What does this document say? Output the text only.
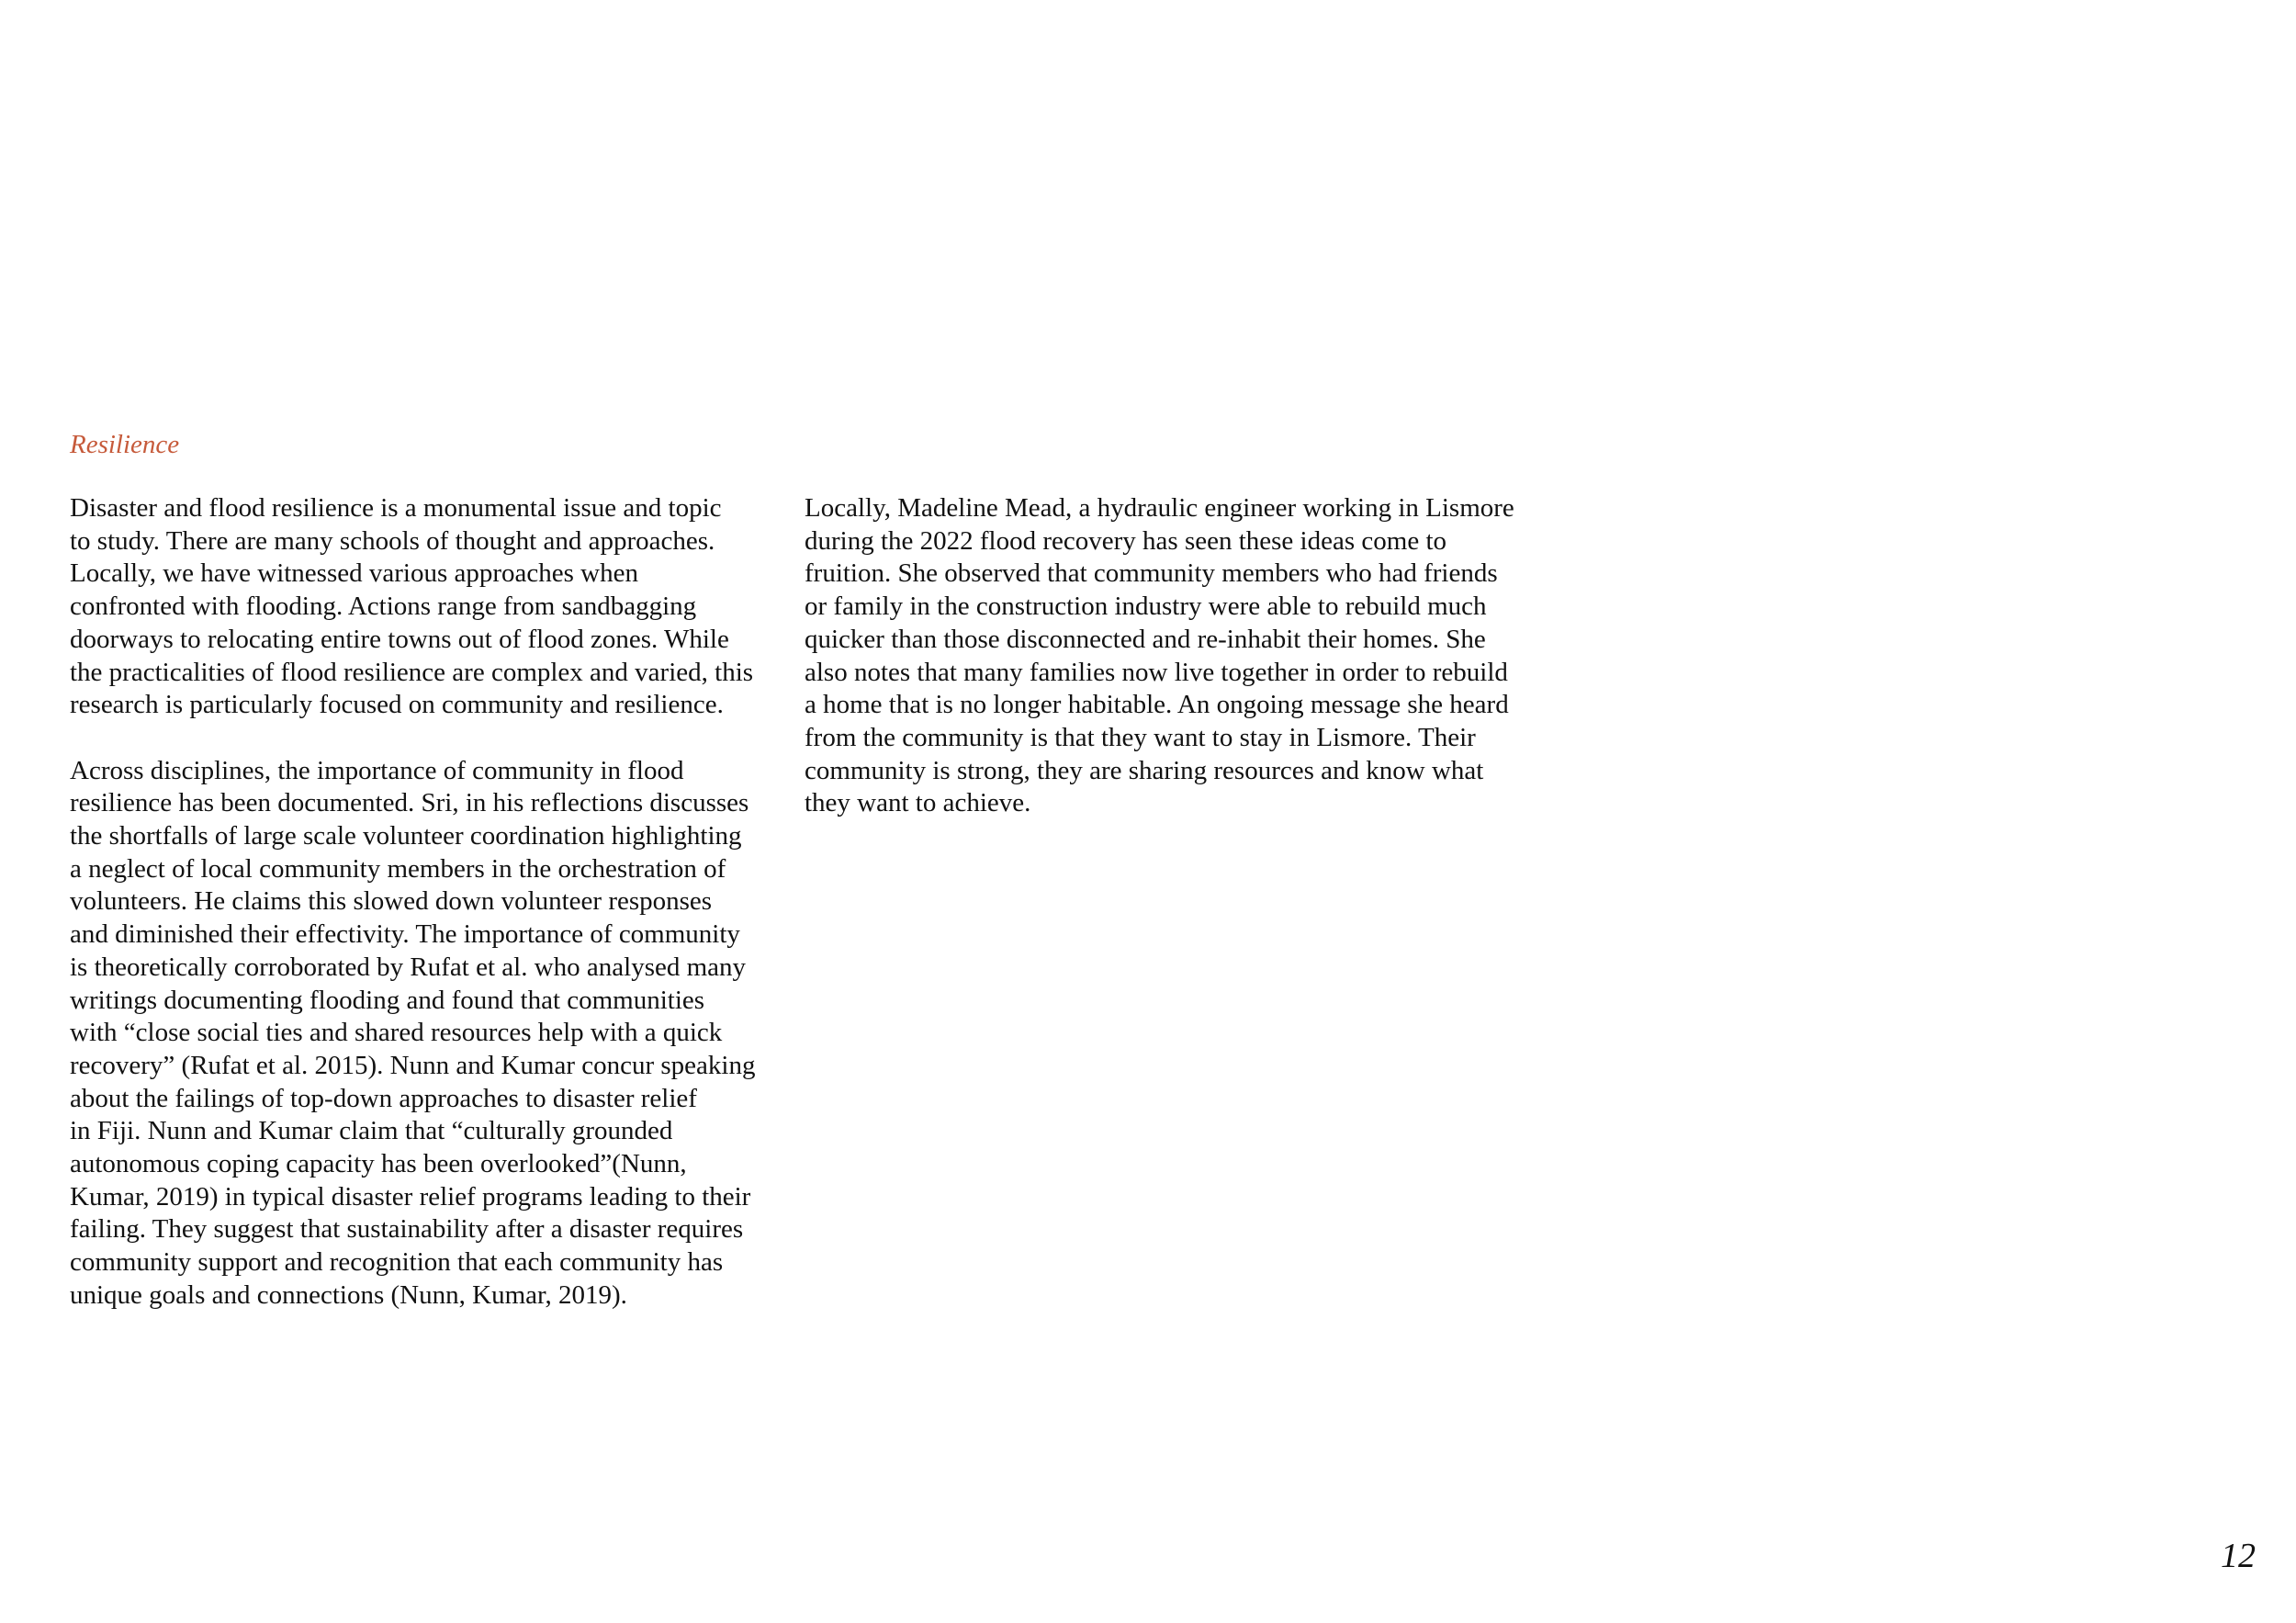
Resilience

Disaster and flood resilience is a monumental issue and topic
to study. There are many schools of thought and approaches.
Locally, we have witnessed various approaches when
confronted with flooding. Actions range from sandbagging
doorways to relocating entire towns out of flood zones. While
the practicalities of flood resilience are complex and varied, this
research is particularly focused on community and resilience.

Across disciplines, the importance of community in flood
resilience has been documented. Sri, in his reflections discusses
the shortfalls of large scale volunteer coordination highlighting
a neglect of local community members in the orchestration of
volunteers. He claims this slowed down volunteer responses
and diminished their effectivity. The importance of community
is theoretically corroborated by Rufat et al. who analysed many
writings documenting flooding and found that communities
with “close social ties and shared resources help with a quick
recovery” (Rufat et al. 2015). Nunn and Kumar concur speaking
about the failings of top-down approaches to disaster relief
in Fiji. Nunn and Kumar claim that “culturally grounded
autonomous coping capacity has been overlooked”(Nunn,
Kumar, 2019) in typical disaster relief programs leading to their
failing. They suggest that sustainability after a disaster requires
community support and recognition that each community has
unique goals and connections (Nunn, Kumar, 2019).

Locally, Madeline Mead, a hydraulic engineer working in Lismore
during the 2022 flood recovery has seen these ideas come to
fruition. She observed that community members who had friends
or family in the construction industry were able to rebuild much
quicker than those disconnected and re-inhabit their homes. She
also notes that many families now live together in order to rebuild
a home that is no longer habitable. An ongoing message she heard
from the community is that they want to stay in Lismore. Their
community is strong, they are sharing resources and know what
they want to achieve.

12
